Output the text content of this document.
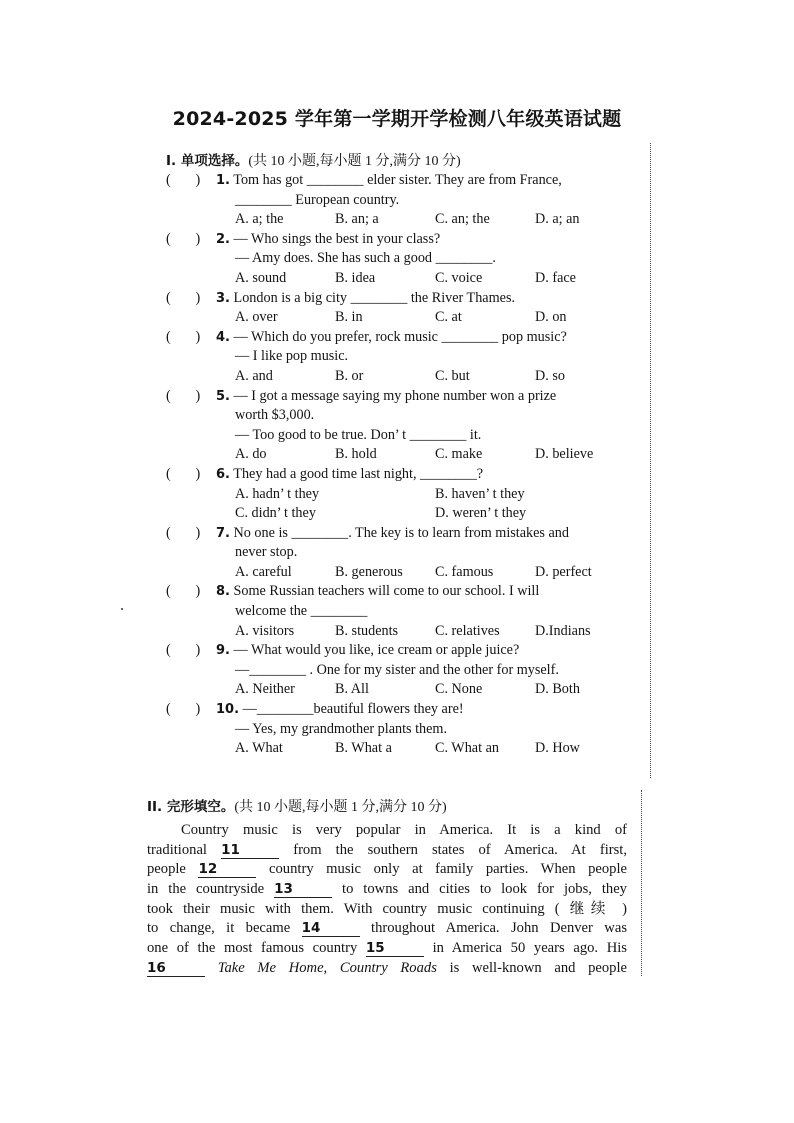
2024-2025 学年第一学期开学检测八年级英语试题
I. 单项选择。(共 10 小题,每小题 1 分,满分 10 分)
(       ) 1. Tom has got ________ elder sister. They are from France,
________ European country.
A. a; the	B. an; a	C. an; the	D. a; an
(       ) 2. — Who sings the best in your class?
— Amy does. She has such a good ________.
A. sound	B. idea	C. voice	D. face
(       ) 3. London is a big city ________ the River Thames.
A. over	B. in	C. at	D. on
(       ) 4. — Which do you prefer, rock music ________ pop music?
— I like pop music.
A. and	B. or	C. but	D. so
(       ) 5. — I got a message saying my phone number won a prize
worth $3,000.
— Too good to be true. Don’ t ________ it.
A. do	B. hold	C. make	D. believe
(       ) 6. They had a good time last night, ________?
A. hadn’ t they	B. haven’ t they
C. didn’ t they	D. weren’ t they
(       ) 7. No one is ________. The key is to learn from mistakes and
never stop.
A. careful	B. generous C. famous	D. perfect
(       ) 8. Some Russian teachers will come to our school. I will
welcome the ________
A. visitors	B. students	C. relatives D.Indians
(       ) 9. — What would you like, ice cream or apple juice?
—________ . One for my sister and the other for myself.
A. Neither	B. All	C. None	D. Both
(       ) 10. —________beautiful flowers they are!
— Yes, my grandmother plants them.
A. What	B. What a	C. What an	D. How
II. 完形填空。(共 10 小题,每小题 1 分,满分 10 分)
Country music is very popular in America. It is a kind of
traditional 11	from the southern states of America. At first,
people 12	country music only at family parties. When people
in the countryside 13	to towns and cities to look for jobs, they
took their music with them. With country music continuing ( 继续 )
to change, it became 14	throughout America. John Denver was
one of the most famous country 15	in America 50 years ago. His
16	Take Me Home, Country Roads is well-known and people
